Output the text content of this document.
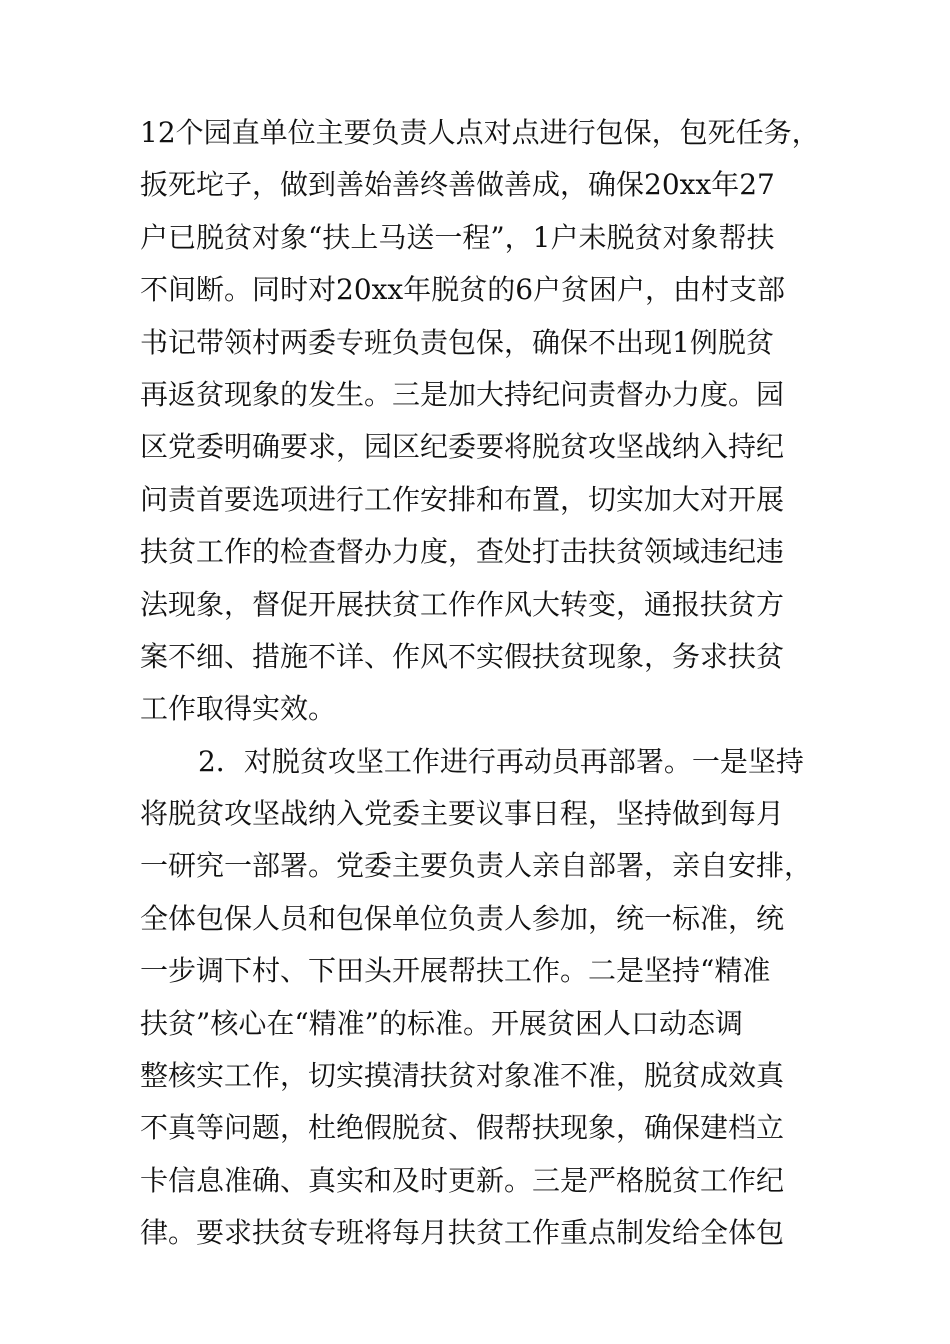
12个园直单位主要负责人点对点进行包保，包死任务，
扳死坨子，做到善始善终善做善成，确保20xx年27
户已脱贫对象“扶上马送一程”，1户未脱贫对象帮扶
不间断。同时对20xx年脱贫的6户贫困户，由村支部
书记带领村两委专班负责包保，确保不出现1例脱贫
再返贫现象的发生。三是加大持纪问责督办力度。园
区党委明确要求，园区纪委要将脱贫攻坚战纳入持纪
问责首要选项进行工作安排和布置，切实加大对开展
扶贫工作的检查督办力度，查处打击扶贫领域违纪违
法现象，督促开展扶贫工作作风大转变，通报扶贫方
案不细、措施不详、作风不实假扶贫现象，务求扶贫
工作取得实效。
2．对脱贫攻坚工作进行再动员再部署。一是坚持
将脱贫攻坚战纳入党委主要议事日程，坚持做到每月
一研究一部署。党委主要负责人亲自部署，亲自安排，
全体包保人员和包保单位负责人参加，统一标准，统
一步调下村、下田头开展帮扶工作。二是坚持“精准
扶贫”核心在“精准”的标准。开展贫困人口动态调
整核实工作，切实摸清扶贫对象准不准，脱贫成效真
不真等问题，杜绝假脱贫、假帮扶现象，确保建档立
卡信息准确、真实和及时更新。三是严格脱贫工作纪
律。要求扶贫专班将每月扶贫工作重点制发给全体包
